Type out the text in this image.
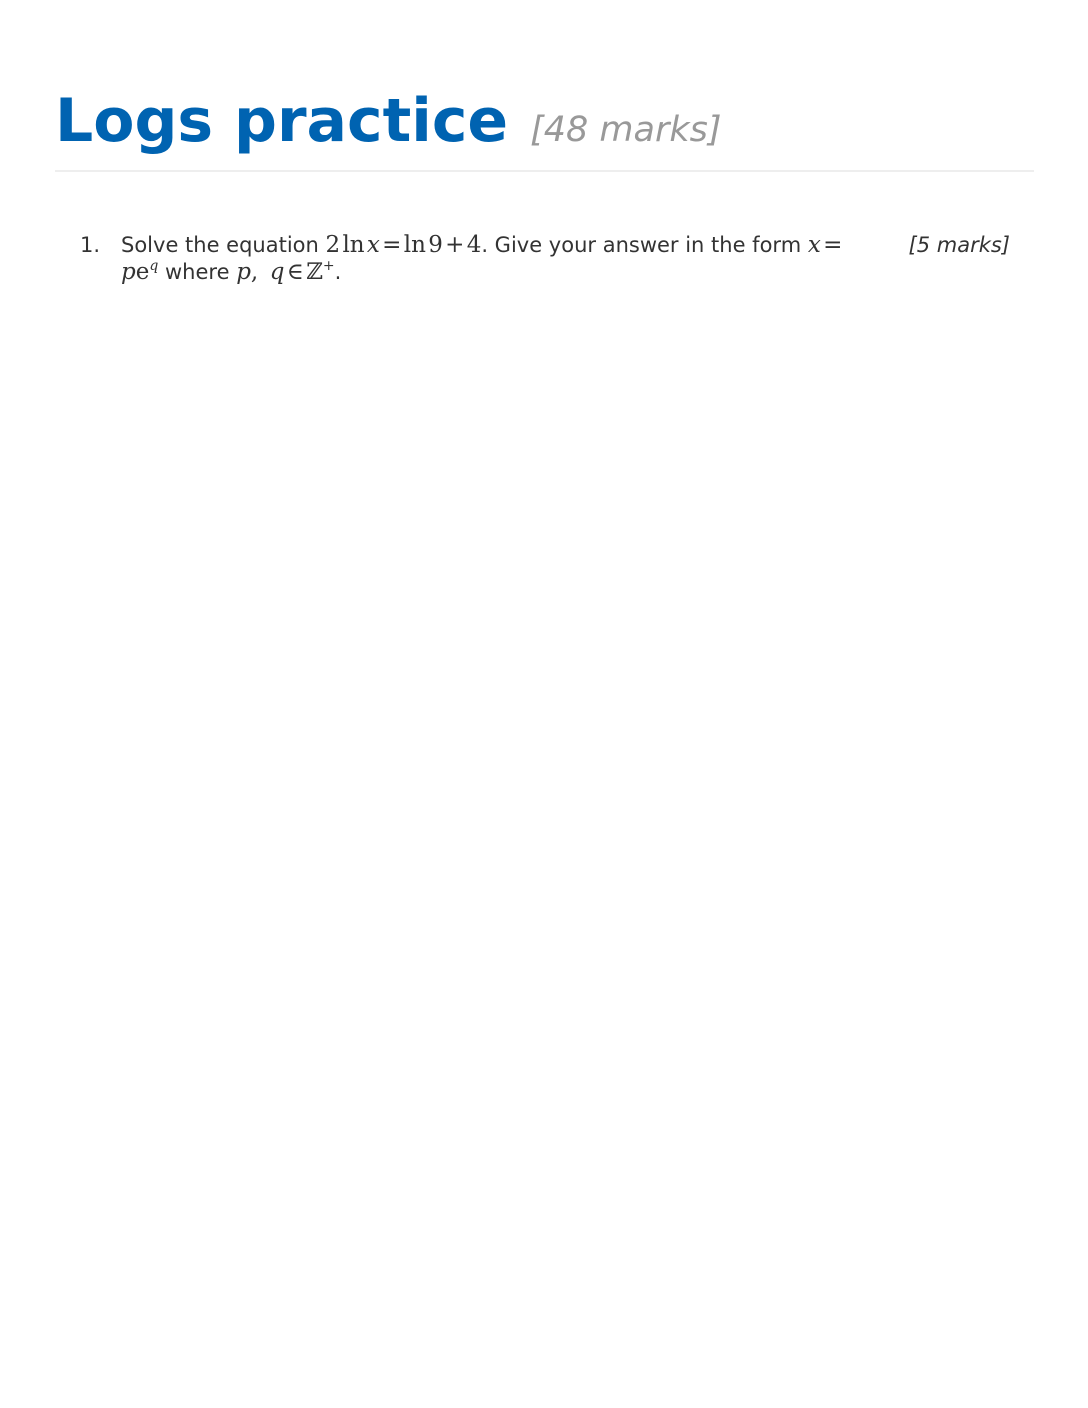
Logs practice [48 marks]
1. Solve the equation 2 ln x = ln 9 + 4. Give your answer in the form x = $pe^q$ where p, q ∈ ℤ+.
[5 marks]
